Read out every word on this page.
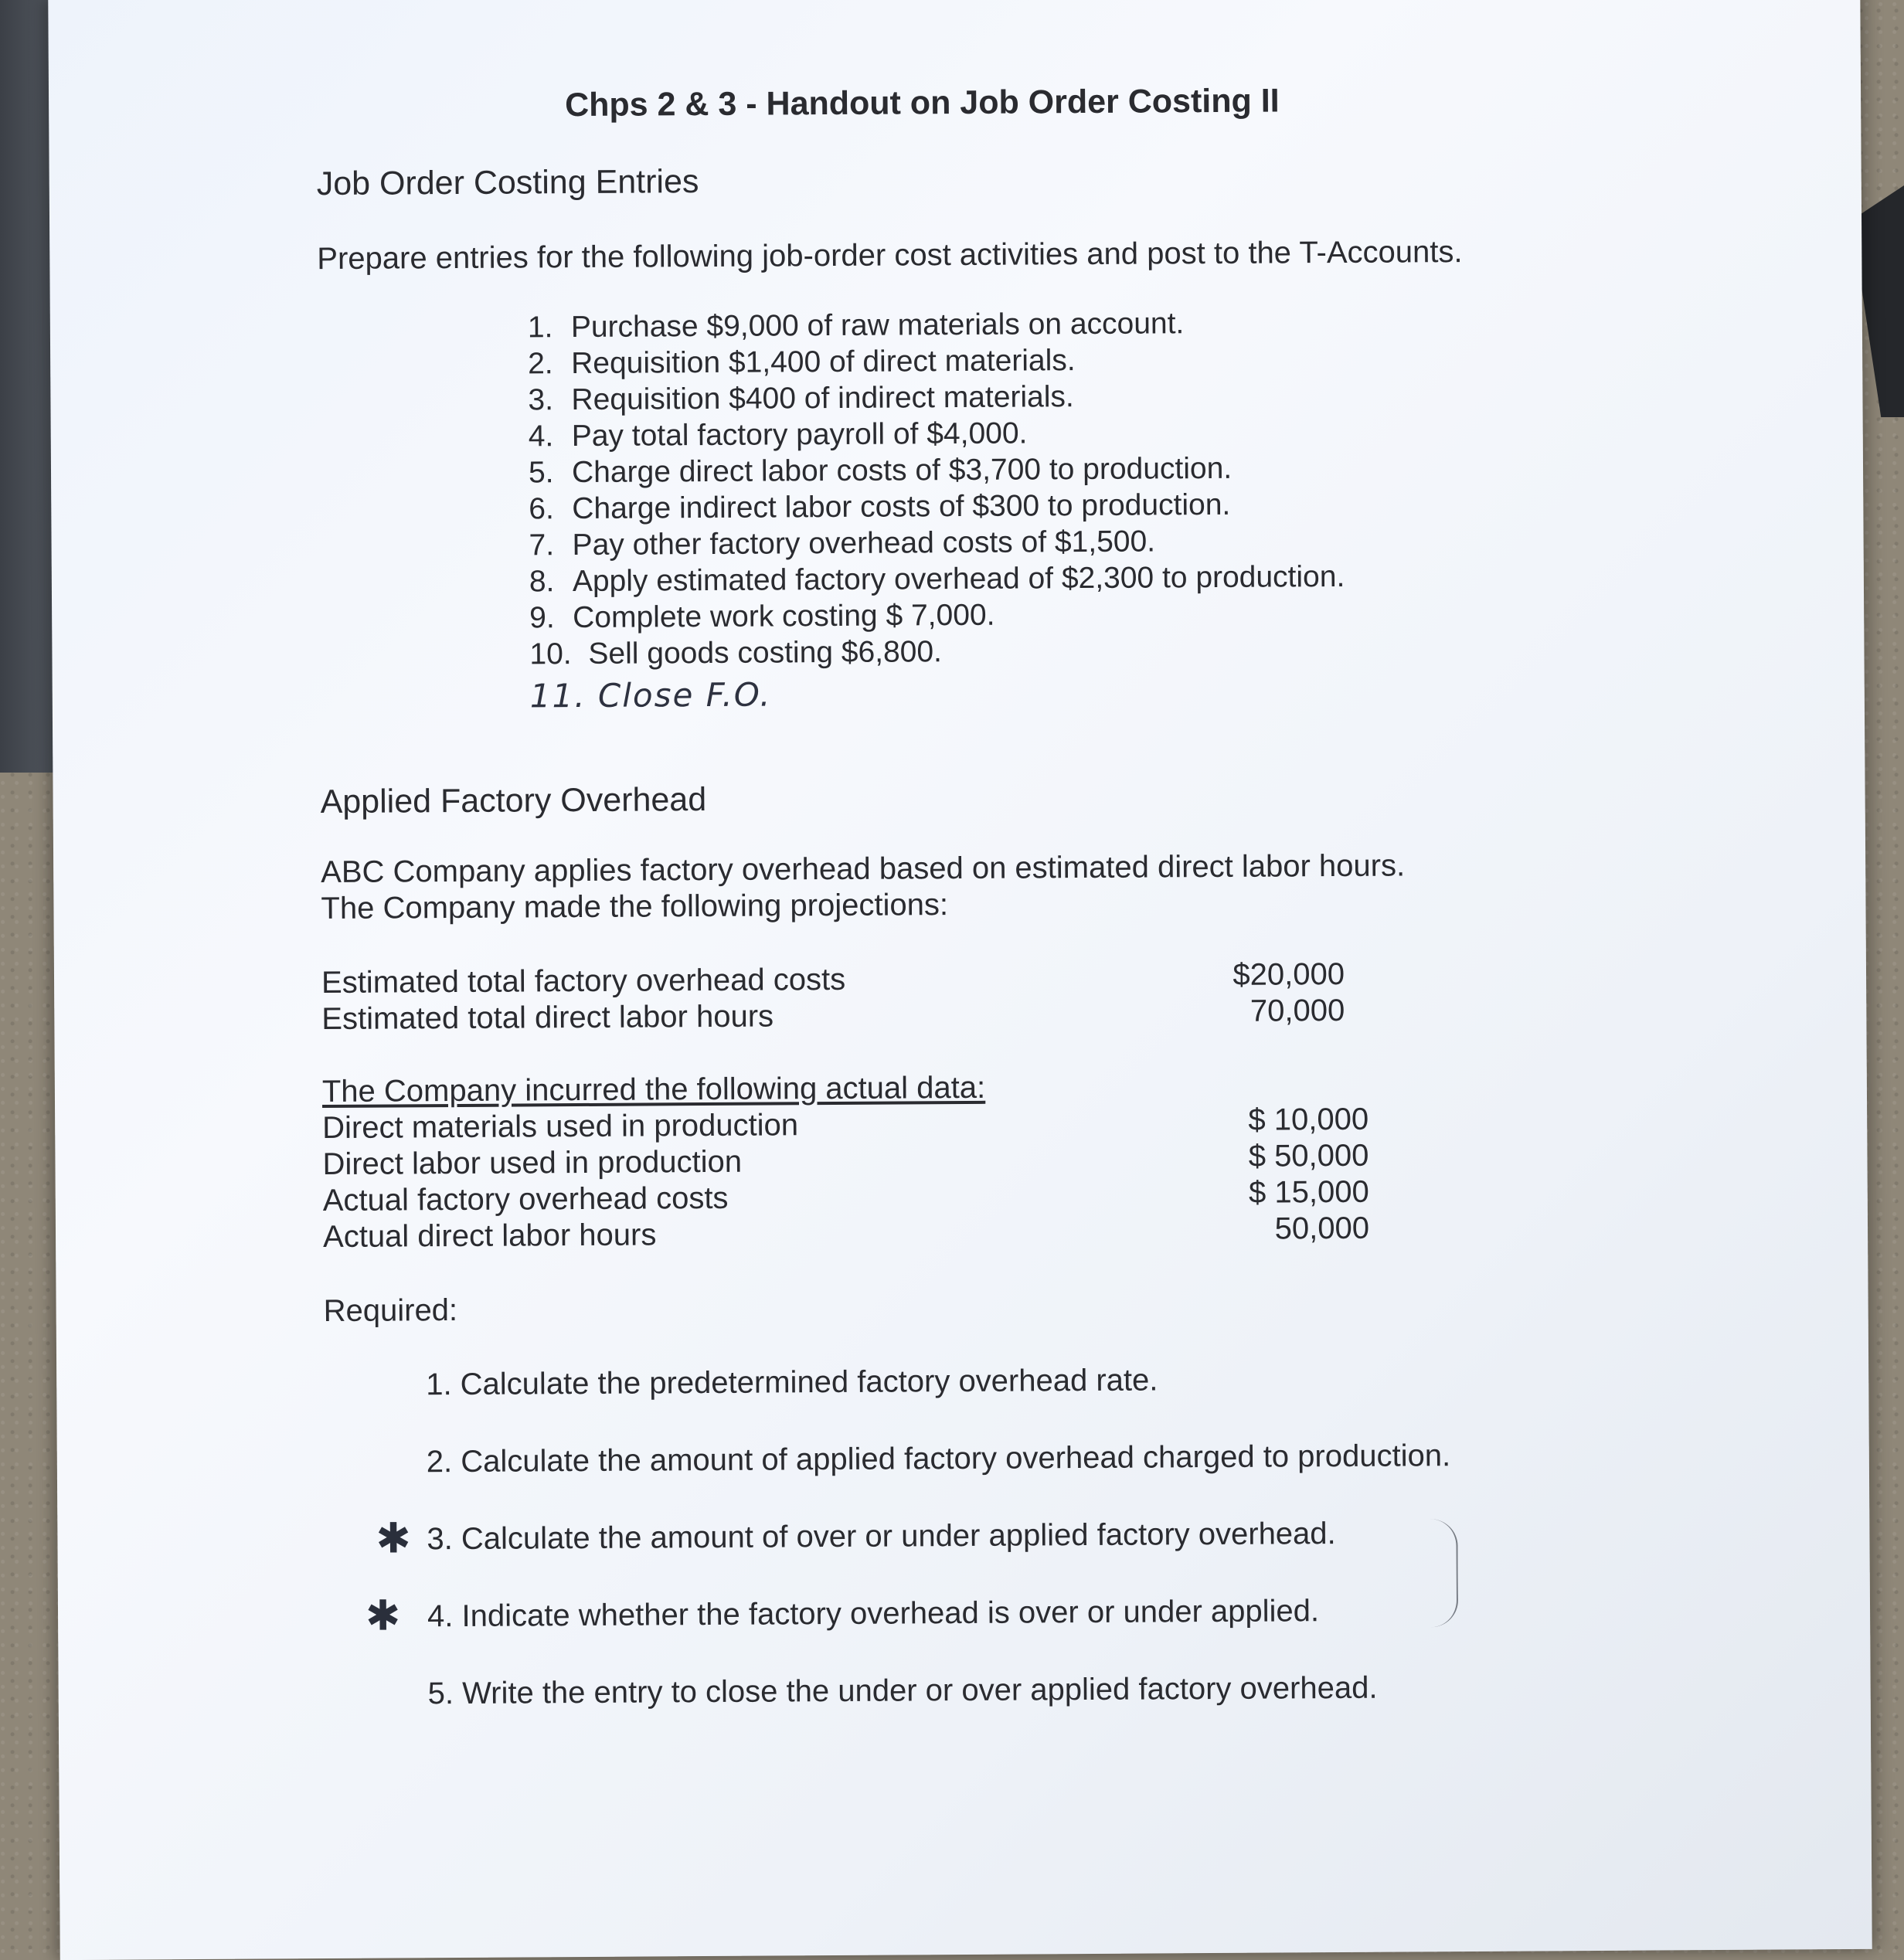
Chps 2 & 3 - Handout on Job Order Costing II
Job Order Costing Entries
Prepare entries for the following job-order cost activities and post to the T-Accounts.
1. Purchase $9,000 of raw materials on account.
2. Requisition $1,400 of direct materials.
3. Requisition $400 of indirect materials.
4. Pay total factory payroll of $4,000.
5. Charge direct labor costs of $3,700 to production.
6. Charge indirect labor costs of $300 to production.
7. Pay other factory overhead costs of $1,500.
8. Apply estimated factory overhead of $2,300 to production.
9. Complete work costing $ 7,000.
10. Sell goods costing $6,800.
11. Close F.O.
Applied Factory Overhead
ABC Company applies factory overhead based on estimated direct labor hours.
The Company made the following projections:
Estimated total factory overhead costs	$20,000
Estimated total direct labor hours	70,000
The Company incurred the following actual data:
Direct materials used in production	$ 10,000
Direct labor used in production	$ 50,000
Actual factory overhead costs	$ 15,000
Actual direct labor hours	50,000
Required:
1. Calculate the predetermined factory overhead rate.
2. Calculate the amount of applied factory overhead charged to production.
✱ 3. Calculate the amount of over or under applied factory overhead.
✱ 4. Indicate whether the factory overhead is over or under applied.
5. Write the entry to close the under or over applied factory overhead.
